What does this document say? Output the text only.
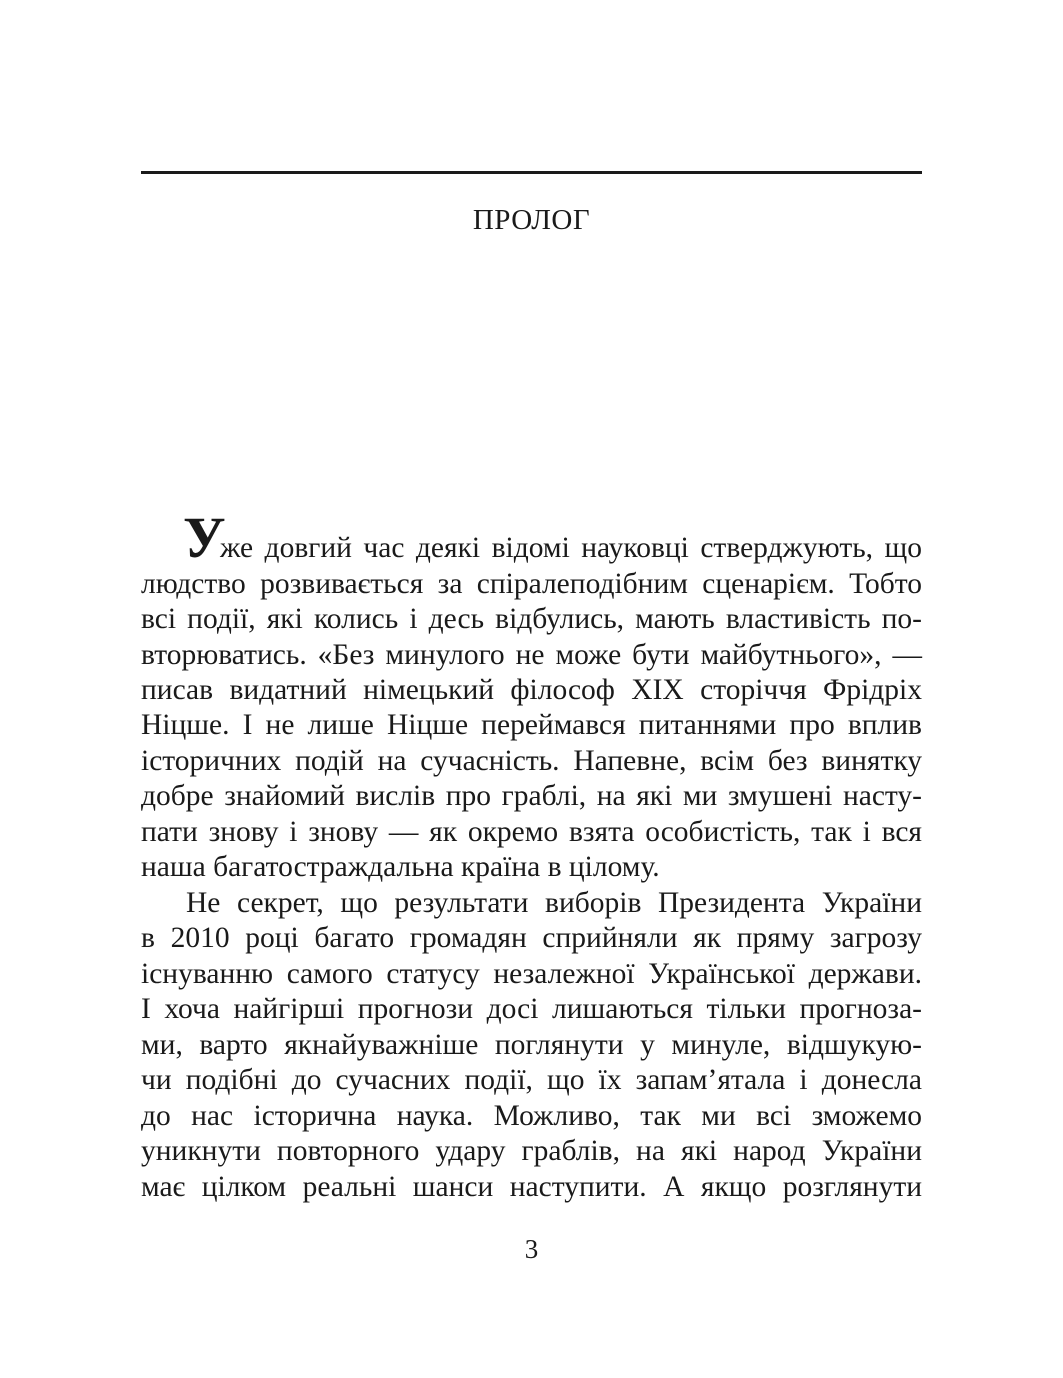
ПРОЛОГ
У
же довгий час деякі відомі науковці стверджують, що
людство розвивається за спіралеподібним сценарієм. Тобто
всі події, які колись і десь відбулись, мають властивість по-
вторюватись. «Без минулого не може бути майбутнього», —
писав видатний німецький філософ XIX сторіччя Фрідріх
Ніцше. І не лише Ніцше переймався питаннями про вплив
історичних подій на сучасність. Напевне, всім без винятку
добре знайомий вислів про граблі, на які ми змушені насту-
пати знову і знову — як окремо взята особистість, так і вся
наша багатостраждальна країна в цілому.
Не секрет, що результати виборів Президента України
в 2010 році багато громадян сприйняли як пряму загрозу
існуванню самого статусу незалежної Української держави.
І хоча найгірші прогнози досі лишаються тільки прогноза-
ми, варто якнайуважніше поглянути у минуле, відшукую-
чи подібні до сучасних події, що їх запам’ятала і донесла
до нас історична наука. Можливо, так ми всі зможемо
уникнути повторного удару граблів, на які народ України
має цілком реальні шанси наступити. А якщо розглянути
3
